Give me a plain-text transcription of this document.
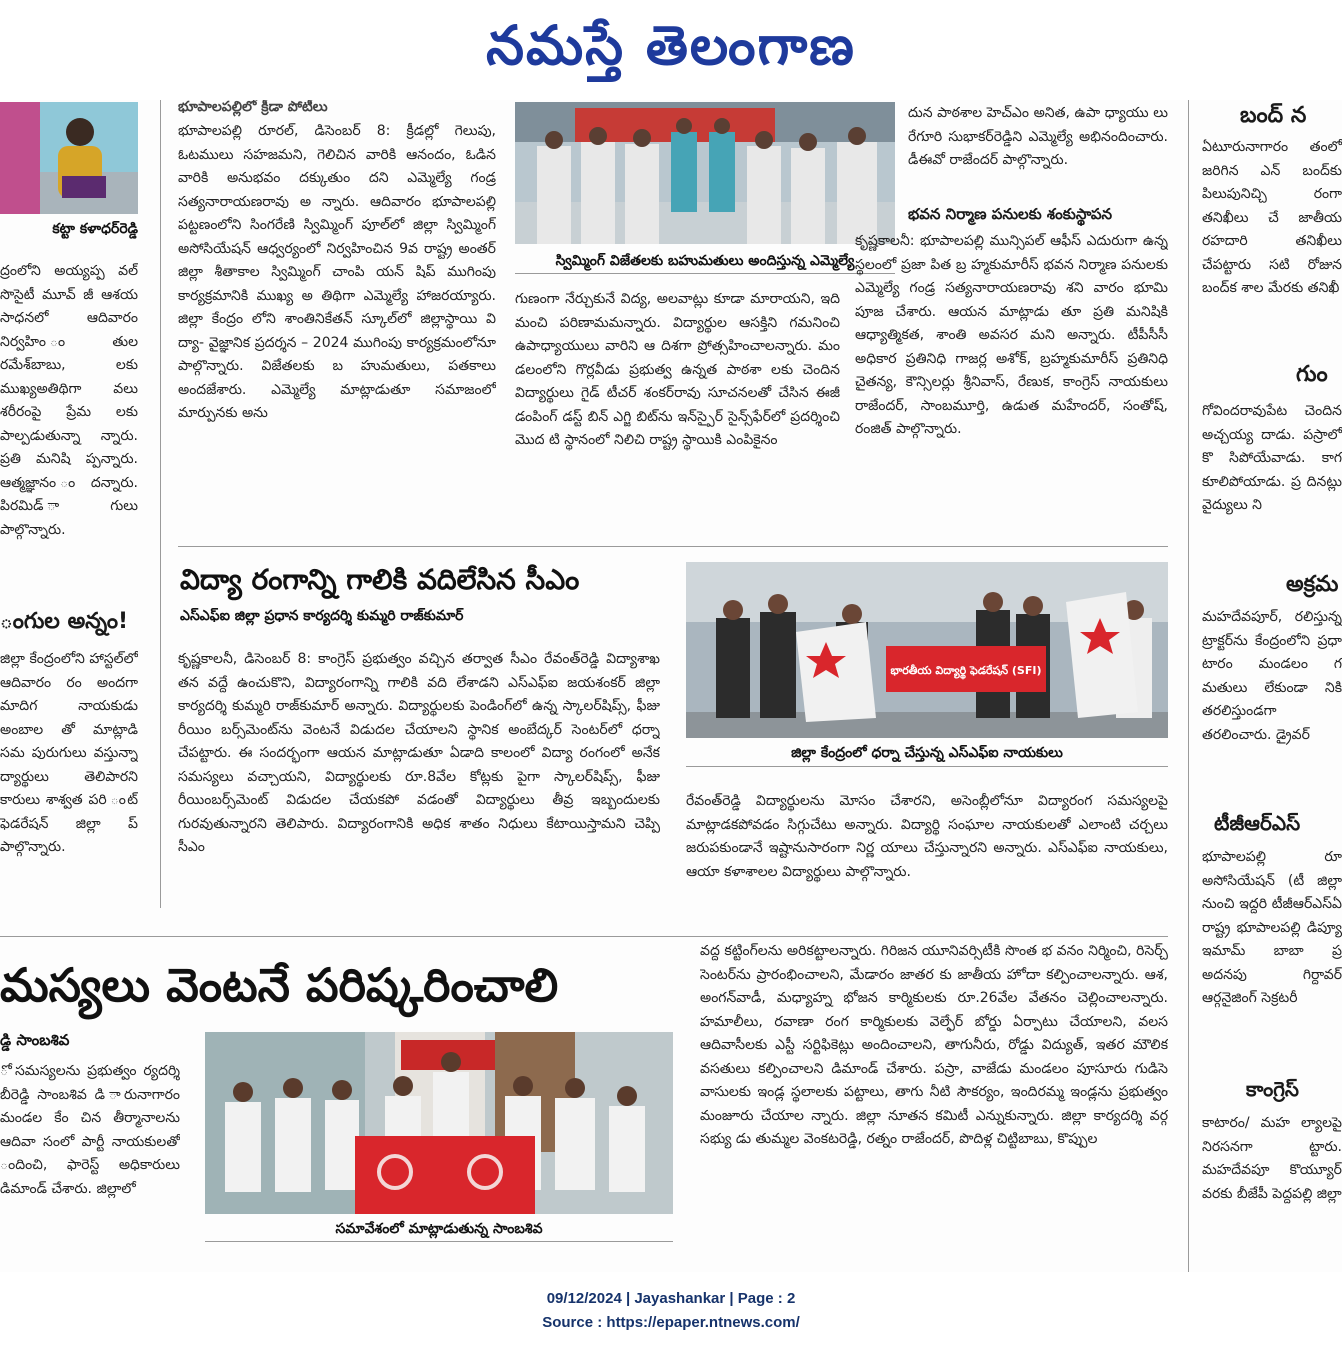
నమస్తే తెలంగాణ
కట్టా కళాధర్‌రెడ్డి
ద్రంలోని అయ్యప్ప వల్ సొసైటీ మూవ్ జీ ఆశయ సాధనలో ఆదివారం నిర్వహిం ంతుల రమేశ్‌బాబు, లకు ముఖ్యఅతిథిగా వలు శరీరంపై ప్రేమ లకు పాల్పడుతున్నా న్నారు. ప్రతి మనిషి ప్పన్నారు. ఆత్మజ్ఞానం ందన్నారు. పిరమిడ్ ాగులు పాల్గొన్నారు.
ంగుల అన్నం!
జిల్లా కేంద్రంలోని హాస్టల్‌లో ఆదివారం రం అందగా మాదిగ నాయకుడు అంబాల తో మాట్లాడి సమ పురుగులు వస్తున్నా ద్యార్థులు తెలిపారని కారులు శాశ్వత పరి ంట్ ఫెడరేషన్ జిల్లా ప్ పాల్గొన్నారు.
భూపాలపల్లిలో క్రీడా పోటీలు
భూపాలపల్లి రూరల్, డిసెంబర్ 8: క్రీడల్లో గెలుపు, ఓటములు సహజమని, గెలిచిన వారికి ఆనందం, ఓడిన వారికి అనుభవం దక్కుతుం దని ఎమ్మెల్యే గండ్ర సత్యనారాయణరావు అ న్నారు. ఆదివారం భూపాలపల్లి పట్టణంలోని సింగరేణి స్విమ్మింగ్ పూల్‌లో జిల్లా స్విమ్మింగ్ అసోసియేషన్ ఆధ్వర్యంలో నిర్వహించిన 9వ రాష్ట్ర అంతర్ జిల్లా శీతాకాల స్విమ్మింగ్ చాంపి యన్ షిప్ ముగింపు కార్యక్రమానికి ముఖ్య అ తిథిగా ఎమ్మెల్యే హాజరయ్యారు. జిల్లా కేంద్రం లోని శాంతినికేతన్ స్కూల్‌లో జిల్లాస్థాయి వి ద్యా- వైజ్ఞానిక ప్రదర్శన – 2024 ముగింపు కార్యక్రమంలోనూ పాల్గొన్నారు. విజేతలకు బ హుమతులు, పతకాలు అందజేశారు. ఎమ్మెల్యే మాట్లాడుతూ సమాజంలో మార్పునకు అను
స్విమ్మింగ్ విజేతలకు బహుమతులు అందిస్తున్న ఎమ్మెల్యే
గుణంగా నేర్చుకునే విద్య, అలవాట్లు కూడా మారాయని, ఇది మంచి పరిణామమన్నారు. విద్యార్థుల ఆసక్తిని గమనించి ఉపాధ్యాయులు వారిని ఆ దిశగా ప్రోత్సహించాలన్నారు. మం డలంలోని గొర్లవీడు ప్రభుత్వ ఉన్నత పాఠశా లకు చెందిన విద్యార్థులు గైడ్ టీచర్ శంకర్‌రావు సూచనలతో చేసిన ఈజీ డంపింగ్ డస్ట్ బిన్ ఎగ్జి బిట్‌ను ఇన్‌స్పైర్ సైన్స్‌ఫేర్‌లో ప్రదర్శించి మొద టి స్థానంలో నిలిచి రాష్ట్ర స్థాయికి ఎంపికైనం
దున పాఠశాల హెచ్‌ఎం అనిత, ఉపా ధ్యాయు లు రేగూరి సుభాకర్‌రెడ్డిని ఎమ్మెల్యే అభినందించారు. డీఈవో రాజేందర్ పాల్గొన్నారు.
భవన నిర్మాణ పనులకు శంకుస్థాపన
కృష్ణకాలనీ: భూపాలపల్లి మున్సిపల్ ఆఫీస్ ఎదురుగా ఉన్న స్థలంలో ప్రజా పిత బ్ర హ్మకుమారీస్ భవన నిర్మాణ పనులకు ఎమ్మెల్యే గండ్ర సత్యనారాయణరావు శని వారం భూమి పూజ చేశారు. ఆయన మాట్లాడు తూ ప్రతి మనిషికి ఆధ్యాత్మికత, శాంతి అవసర మని అన్నారు. టీపీసీసీ అధికార ప్రతినిధి గాజర్ల అశోక్, బ్రహ్మకుమారీస్ ప్రతినిధి చైతన్య, కౌన్సిలర్లు శ్రీనివాస్, రేణుక, కాంగ్రెస్ నాయకులు రాజేందర్, సాంబమూర్తి, ఉడుత మహేందర్, సంతోష్, రంజిత్ పాల్గొన్నారు.
విద్యా రంగాన్ని గాలికి వదిలేసిన సీఎం
ఎస్ఎఫ్ఐ జిల్లా ప్రధాన కార్యదర్శి కుమ్మరి రాజ్‌కుమార్
కృష్ణకాలనీ, డిసెంబర్ 8: కాంగ్రెస్ ప్రభుత్వం వచ్చిన తర్వాత సీఎం రేవంత్‌రెడ్డి విద్యాశాఖ తన వద్దే ఉంచుకొని, విద్యారంగాన్ని గాలికి వది లేశాడని ఎస్ఎఫ్ఐ జయశంకర్ జిల్లా కార్యదర్శి కుమ్మరి రాజ్‌కుమార్ అన్నారు. విద్యార్థులకు పెండింగ్‌లో ఉన్న స్కాలర్‌షిప్స్, ఫీజు రీయిం బర్స్‌మెంట్‌ను వెంటనే విడుదల చేయాలని స్థానిక అంబేద్కర్ సెంటర్‌లో ధర్నా చేపట్టారు. ఈ సందర్భంగా ఆయన మాట్లాడుతూ ఏడాది కాలంలో విద్యా రంగంలో అనేక సమస్యలు వచ్చాయని, విద్యార్థులకు రూ.8వేల కోట్లకు పైగా స్కాలర్‌షిప్స్, ఫీజు రీయింబర్స్‌మెంట్ విడుదల చేయకపో వడంతో విద్యార్థులు తీవ్ర ఇబ్బందులకు గురవుతున్నారని తెలిపారు. విద్యారంగానికి అధిక శాతం నిధులు కేటాయిస్తామని చెప్పి సీఎం
భారతీయ విద్యార్థి ఫెడరేషన్ (SFI)
జిల్లా కేంద్రంలో ధర్నా చేస్తున్న ఎస్ఎఫ్ఐ నాయకులు
రేవంత్‌రెడ్డి విద్యార్థులను మోసం చేశారని, అసెంబ్లీలోనూ విద్యారంగ సమస్యలపై మాట్లాడకపోవడం సిగ్గుచేటు అన్నారు. విద్యార్థి సంఘాల నాయకులతో ఎలాంటి చర్చలు జరుపకుండానే ఇష్టానుసారంగా నిర్ణ యాలు చేస్తున్నారని అన్నారు. ఎస్ఎఫ్ఐ నాయకులు, ఆయా కళాశాలల విద్యార్థులు పాల్గొన్నారు.
మస్యలు వెంటనే పరిష్కరించాలి
డ్డి సాంబశివ
ో సమస్యలను ప్రభుత్వం ర్యదర్శి బీరెడ్డి సాంబశివ డి ారునాగారం మండల కేం చిన తీర్మానాలను ఆదివా సంలో పార్టీ నాయకులతో ందించి, ఫారెస్ట్ అధికారులు డిమాండ్ చేశారు. జిల్లాలో
సమావేశంలో మాట్లాడుతున్న సాంబశివ
వద్ద కట్టింగ్‌లను అరికట్టాలన్నారు. గిరిజన యూనివర్సిటీకి సొంత భ వనం నిర్మించి, రిసెర్చ్ సెంటర్‌ను ప్రారంభించాలని, మేడారం జాతర కు జాతీయ హోదా కల్పించాలన్నారు. ఆశ, అంగన్‌వాడీ, మధ్యాహ్న భోజన కార్మికులకు రూ.26వేల వేతనం చెల్లించాలన్నారు. హమాలీలు, రవాణా రంగ కార్మికులకు వెల్ఫేర్ బోర్డు ఏర్పాటు చేయాలని, వలస ఆదివాసీలకు ఎస్టీ సర్టిఫికెట్లు అందించాలని, తాగునీరు, రోడ్డు విద్యుత్, ఇతర మౌలిక వసతులు కల్పించాలని డిమాండ్ చేశారు. పస్రా, వాజేడు మండలం పూసూరు గుడిసె వాసులకు ఇండ్ల స్థలాలకు పట్టాలు, తాగు నీటి సౌకర్యం, ఇందిరమ్మ ఇండ్లను ప్రభుత్వం మంజూరు చేయాల న్నారు. జిల్లా నూతన కమిటీ ఎన్నుకున్నారు. జిల్లా కార్యదర్శి వర్గ సభ్యు డు తుమ్మల వెంకటరెడ్డి, రత్నం రాజేందర్, పొదిళ్ల చిట్టిబాబు, కొప్పుల
బంద్ న
ఏటూరునాగారం తంలో జరిగిన ఎన్ బంద్‌కు పిలుపునిచ్చి రంగా తనిఖీలు చే జాతీయ రహదారి తనిఖీలు చేపట్టారు సటి రోజున బంద్‌క శాల మేరకు తనిఖీ
గుం
గోవిందరావుపేట చెందిన అచ్చయ్య దాడు. పస్రాలో కొ సిపోయేవాడు. కాగ కూలిపోయాడు. ప్ర దినట్లు వైద్యులు ని
అక్రమ
మహదేవపూర్, రలిస్తున్న ట్రాక్టర్‌ను కేంద్రంలోని ప్రధా టారం మండలం గ మతులు లేకుండా నికి తరలిస్తుండగా తరలించారు. డ్రైవర్
టీజీఆర్ఎస్
భూపాలపల్లి రూ అసోసియేషన్ (టీ జిల్లా నుంచి ఇద్దరి టీజీఆర్ఎస్ఏ రాష్ట్ర భూపాలపల్లి డిప్యూ ఇమామ్ బాబా ప్ర అదనపు గిర్దావర్ ఆర్గనైజింగ్ సెక్రటరీ
కాంగ్రెస్
కాటారం/ మహ ల్యాలపై నిరసనగా ట్టారు. మహదేవపూ కొయ్యూర్ వరకు బీజేపీ పెద్దపల్లి జిల్లా
09/12/2024 | Jayashankar | Page : 2
Source : https://epaper.ntnews.com/
